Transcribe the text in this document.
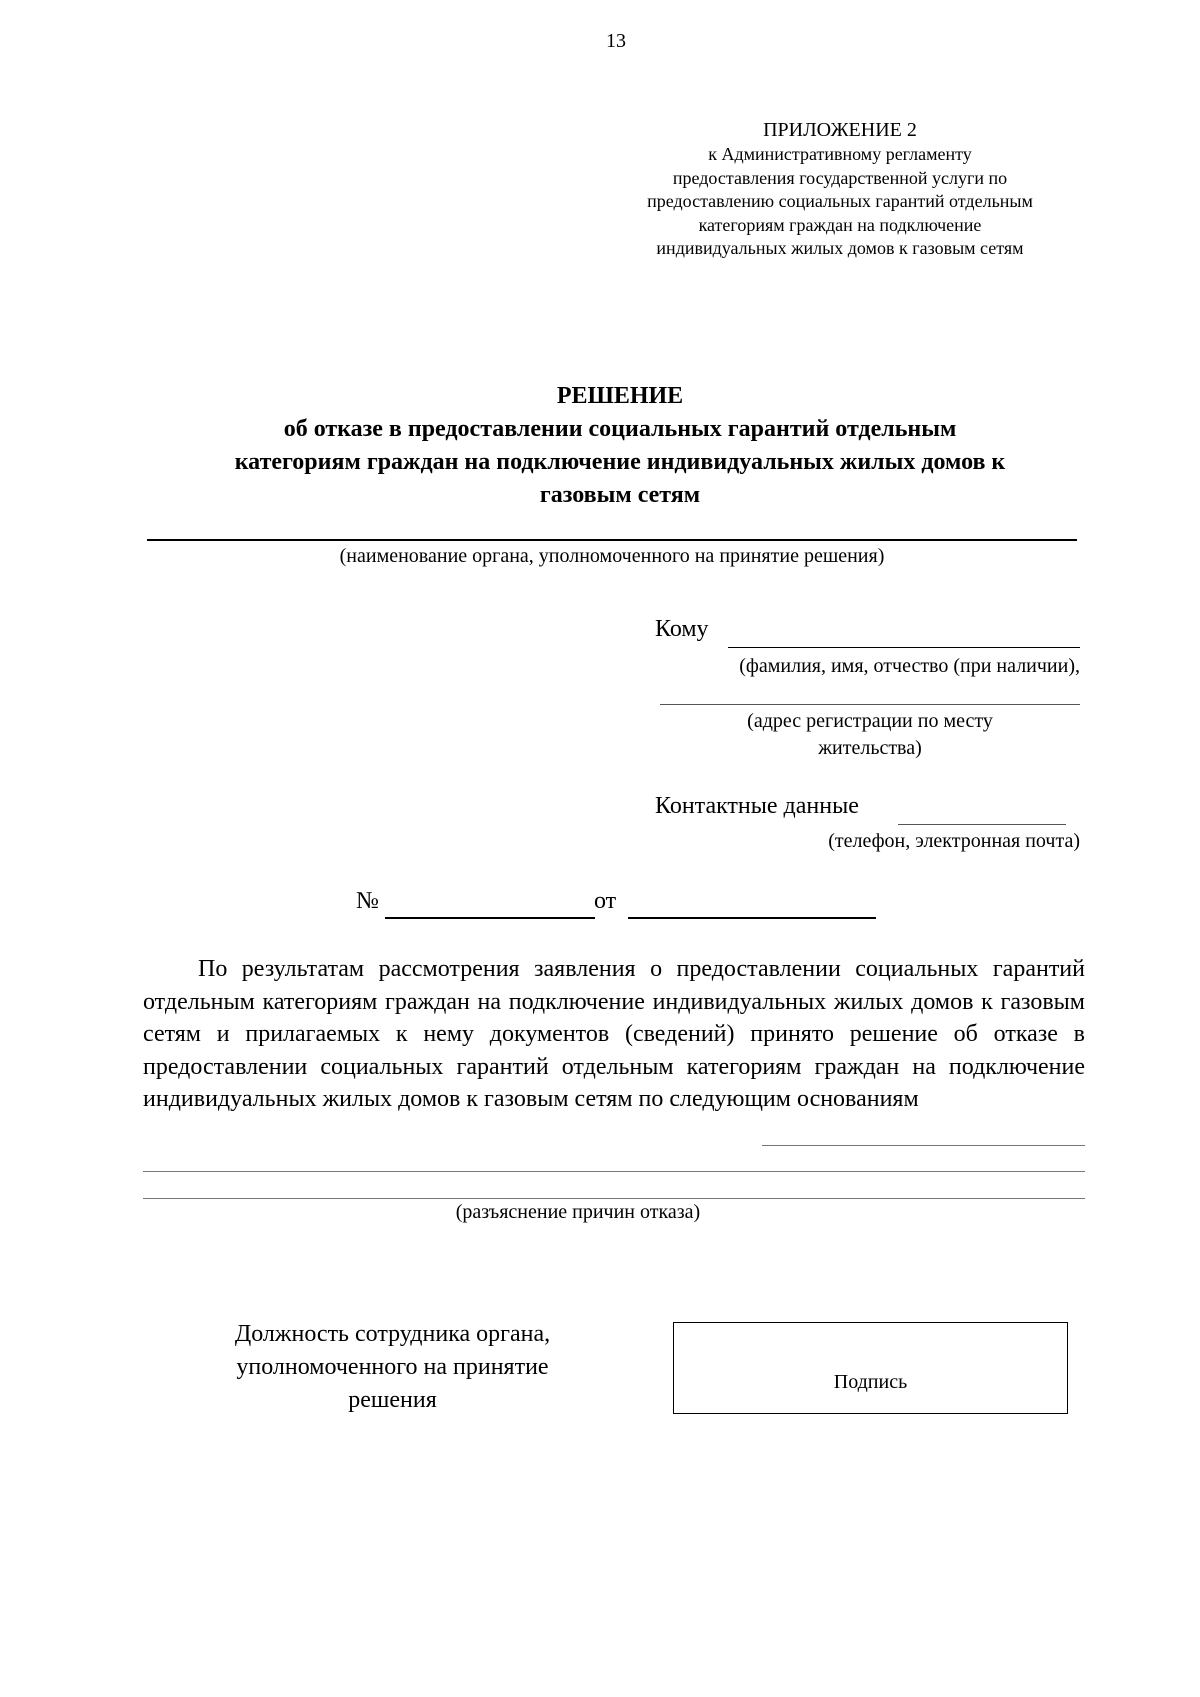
13
ПРИЛОЖЕНИЕ 2
к Административному регламенту
предоставления государственной услуги по
предоставлению социальных гарантий отдельным
категориям граждан на подключение
индивидуальных жилых домов к газовым сетям
РЕШЕНИЕ
об отказе в предоставлении социальных гарантий отдельным
категориям граждан на подключение индивидуальных жилых домов к
газовым сетям
(наименование органа, уполномоченного на принятие решения)
Кому
(фамилия, имя, отчество (при наличии),
(адрес регистрации по месту
жительства)
Контактные данные
(телефон, электронная почта)
№	от
По результатам рассмотрения заявления о предоставлении социальных гарантий отдельным категориям граждан на подключение индивидуальных жилых домов к газовым сетям и прилагаемых к нему документов (сведений) принято решение об отказе в предоставлении социальных гарантий отдельным категориям граждан на подключение индивидуальных жилых домов к газовым сетям по следующим основаниям
(разъяснение причин отказа)
Должность сотрудника органа,
уполномоченного на принятие
решения
Подпись
